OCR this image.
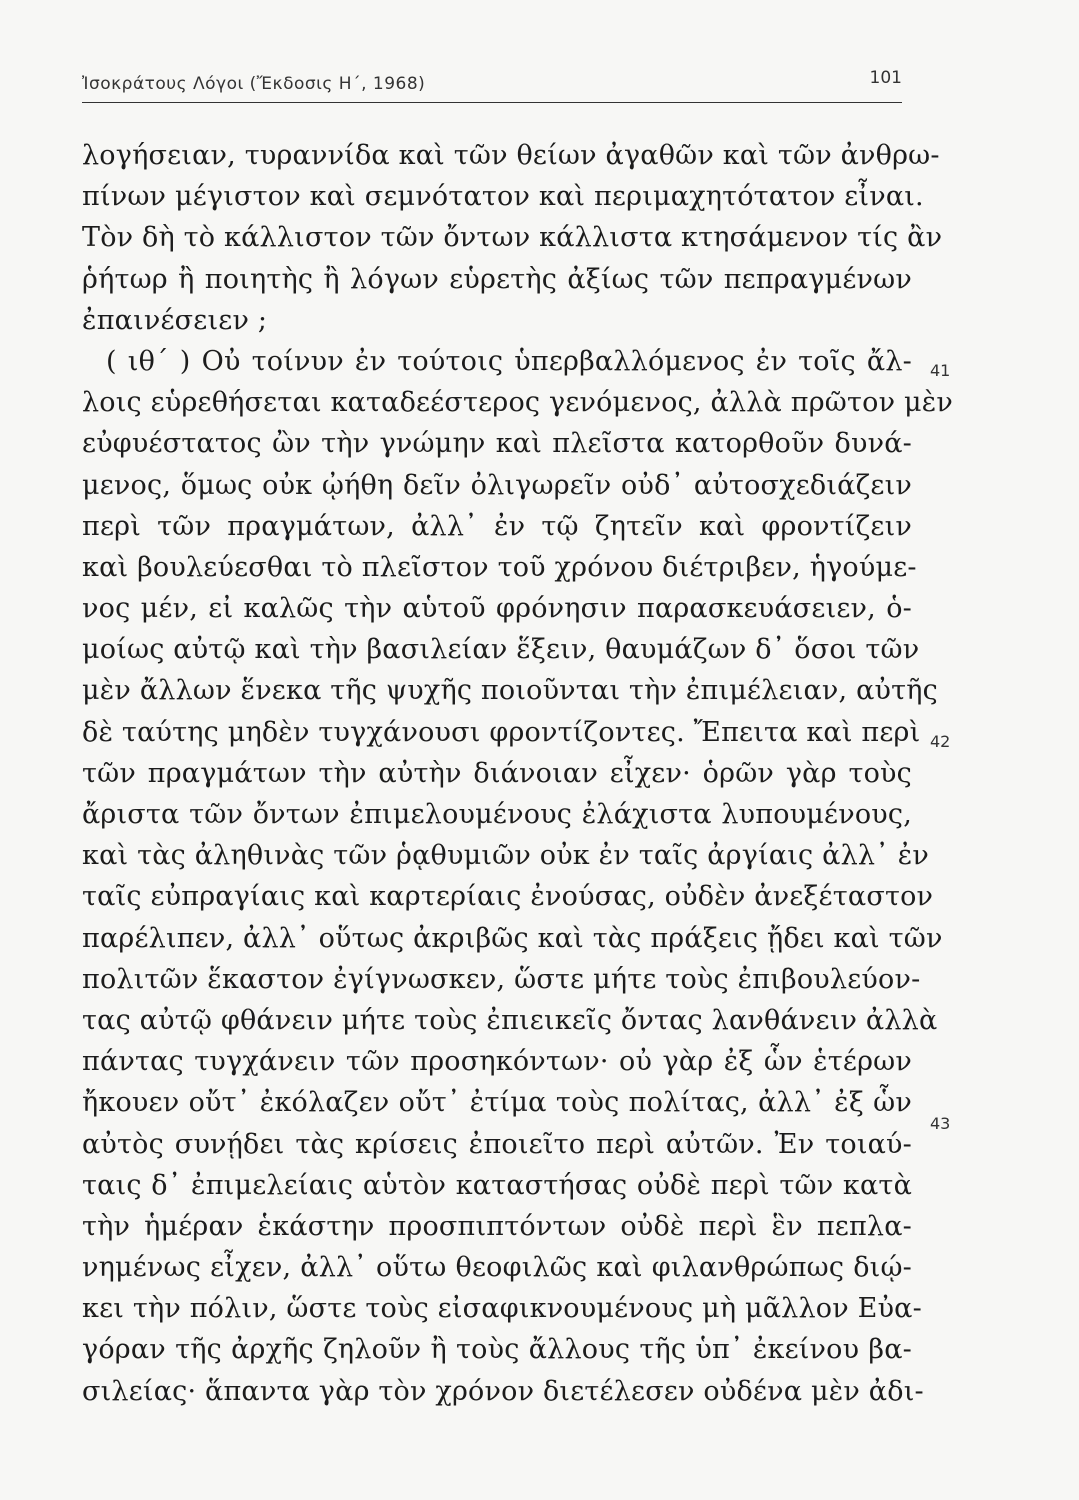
Ἰσοκράτους Λόγοι (Ἔκδοσις Η΄, 1968)	101
λογήσειαν, τυραννίδα καὶ τῶν θείων ἀγαθῶν καὶ τῶν ἀνθρω-
πίνων μέγιστον καὶ σεμνότατον καὶ περιμαχητότατον εἶναι.
Τὸν δὴ τὸ κάλλιστον τῶν ὄντων κάλλιστα κτησάμενον τίς ἂν
ῥήτωρ ἢ ποιητὴς ἢ λόγων εὑρετὴς ἀξίως τῶν πεπραγμένων
ἐπαινέσειεν ;
( ιθ΄ ) Οὐ τοίνυν ἐν τούτοις ὑπερβαλλόμενος ἐν τοῖς ἄλ-
λοις εὑρεθήσεται καταδεέστερος γενόμενος, ἀλλὰ πρῶτον μὲν
εὐφυέστατος ὢν τὴν γνώμην καὶ πλεῖστα κατορθοῦν δυνά-
μενος, ὅμως οὐκ ᾠήθη δεῖν ὀλιγωρεῖν οὐδ᾽ αὐτοσχεδιάζειν
περὶ τῶν πραγμάτων, ἀλλ᾽ ἐν τῷ ζητεῖν καὶ φροντίζειν
καὶ βουλεύεσθαι τὸ πλεῖστον τοῦ χρόνου διέτριβεν, ἡγούμε-
νος μέν, εἰ καλῶς τὴν αὑτοῦ φρόνησιν παρασκευάσειεν, ὁ-
μοίως αὐτῷ καὶ τὴν βασιλείαν ἕξειν, θαυμάζων δ᾽ ὅσοι τῶν
μὲν ἄλλων ἕνεκα τῆς ψυχῆς ποιοῦνται τὴν ἐπιμέλειαν, αὐτῆς
δὲ ταύτης μηδὲν τυγχάνουσι φροντίζοντες. Ἔπειτα καὶ περὶ
τῶν πραγμάτων τὴν αὐτὴν διάνοιαν εἶχεν· ὁρῶν γὰρ τοὺς
ἄριστα τῶν ὄντων ἐπιμελουμένους ἐλάχιστα λυπουμένους,
καὶ τὰς ἀληθινὰς τῶν ῥᾳθυμιῶν οὐκ ἐν ταῖς ἀργίαις ἀλλ᾽ ἐν
ταῖς εὐπραγίαις καὶ καρτερίαις ἐνούσας, οὐδὲν ἀνεξέταστον
παρέλιπεν, ἀλλ᾽ οὕτως ἀκριβῶς καὶ τὰς πράξεις ᾔδει καὶ τῶν
πολιτῶν ἕκαστον ἐγίγνωσκεν, ὥστε μήτε τοὺς ἐπιβουλεύον-
τας αὐτῷ φθάνειν μήτε τοὺς ἐπιεικεῖς ὄντας λανθάνειν ἀλλὰ
πάντας τυγχάνειν τῶν προσηκόντων· οὐ γὰρ ἐξ ὧν ἑτέρων
ἤκουεν οὔτ᾽ ἐκόλαζεν οὔτ᾽ ἐτίμα τοὺς πολίτας, ἀλλ᾽ ἐξ ὧν
αὐτὸς συνῄδει τὰς κρίσεις ἐποιεῖτο περὶ αὐτῶν. Ἐν τοιαύ-
ταις δ᾽ ἐπιμελείαις αὑτὸν καταστήσας οὐδὲ περὶ τῶν κατὰ
τὴν ἡμέραν ἑκάστην προσπιπτόντων οὐδὲ περὶ ἓν πεπλα-
νημένως εἶχεν, ἀλλ᾽ οὕτω θεοφιλῶς καὶ φιλανθρώπως διῴ-
κει τὴν πόλιν, ὥστε τοὺς εἰσαφικνουμένους μὴ μᾶλλον Εὐα-
γόραν τῆς ἀρχῆς ζηλοῦν ἢ τοὺς ἄλλους τῆς ὑπ᾽ ἐκείνου βα-
σιλείας· ἅπαντα γὰρ τὸν χρόνον διετέλεσεν οὐδένα μὲν ἀδι-
41
42
43
